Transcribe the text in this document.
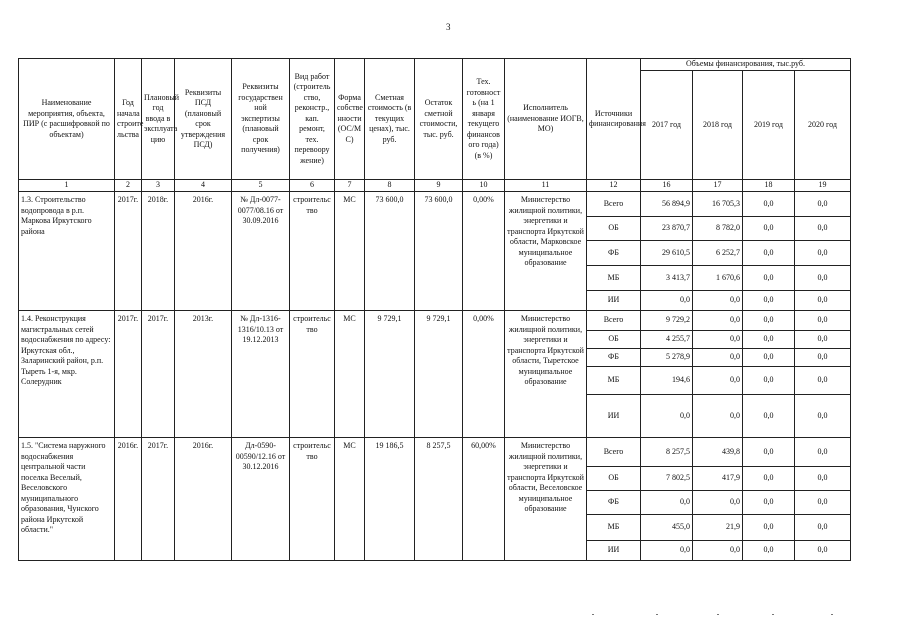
3
Наименование мероприятия, объекта, ПИР (с расшифровкой по объектам)	Год начала строите льства	Плановый год ввода в эксплуата цию	Реквизиты ПСД (плановый срок утверждения ПСД)	Реквизиты государствен ной экспертизы (плановый срок получения)	Вид работ (строитель ство, реконстр., кап. ремонт, тех. перевоору жение)	Форма собстве нности (ОС/М С)	Сметная стоимость (в текущих ценах), тыс. руб.	Остаток сметной стоимости, тыс. руб.	Тех. готовност ь (на 1 января текущего финансов ого года) (в %)	Исполнитель (наименование ИОГВ, МО)	Источники финансирования	Объемы финансирования, тыс.руб.			
												2017 год	2018 год	2019 год	2020 год
1	2	3	4	5	6	7	8	9	10	11	12	16	17	18	19
1.3. Строительство водопровода в р.п. Маркова Иркутского района	2017г.	2018г.	2016г.	№ Дл-0077-0077/08.16 от 30.09.2016	строительс тво	МС	73 600,0	73 600,0	0,00%	Министерство жилищной политики, энергетики и транспорта Иркутской области, Марковское муниципальное образование	Всего	56 894,9	16 705,3	0,0	0,0
											ОБ	23 870,7	8 782,0	0,0	0,0
											ФБ	29 610,5	6 252,7	0,0	0,0
											МБ	3 413,7	1 670,6	0,0	0,0
											ИИ	0,0	0,0	0,0	0,0
1.4. Реконструкция магистральных сетей водоснабжения по адресу: Иркутская обл., Заларинский район, р.п. Тыреть 1-я, мкр. Солерудник	2017г.	2017г.	2013г.	№ Дл-1316-1316/10.13 от 19.12.2013	строительс тво	МС	9 729,1	9 729,1	0,00%	Министерство жилищной политики, энергетики и транспорта Иркутской области, Тыретское муниципальное образование	Всего	9 729,2	0,0	0,0	0,0
											ОБ	4 255,7	0,0	0,0	0,0
											ФБ	5 278,9	0,0	0,0	0,0
											МБ	194,6	0,0	0,0	0,0
											ИИ	0,0	0,0	0,0	0,0
1.5. "Система наружного водоснабжения центральной части поселка Веселый, Веселовского муниципального образования, Чунского района Иркутской области."	2016г.	2017г.	2016г.	Дл-0590-00590/12.16 от 30.12.2016	строительс тво	МС	19 186,5	8 257,5	60,00%	Министерство жилищной политики, энергетики и транспорта Иркутской области, Веселовское муниципальное образование	Всего	8 257,5	439,8	0,0	0,0
											ОБ	7 802,5	417,9	0,0	0,0
											ФБ	0,0	0,0	0,0	0,0
											МБ	455,0	21,9	0,0	0,0
											ИИ	0,0	0,0	0,0	0,0
